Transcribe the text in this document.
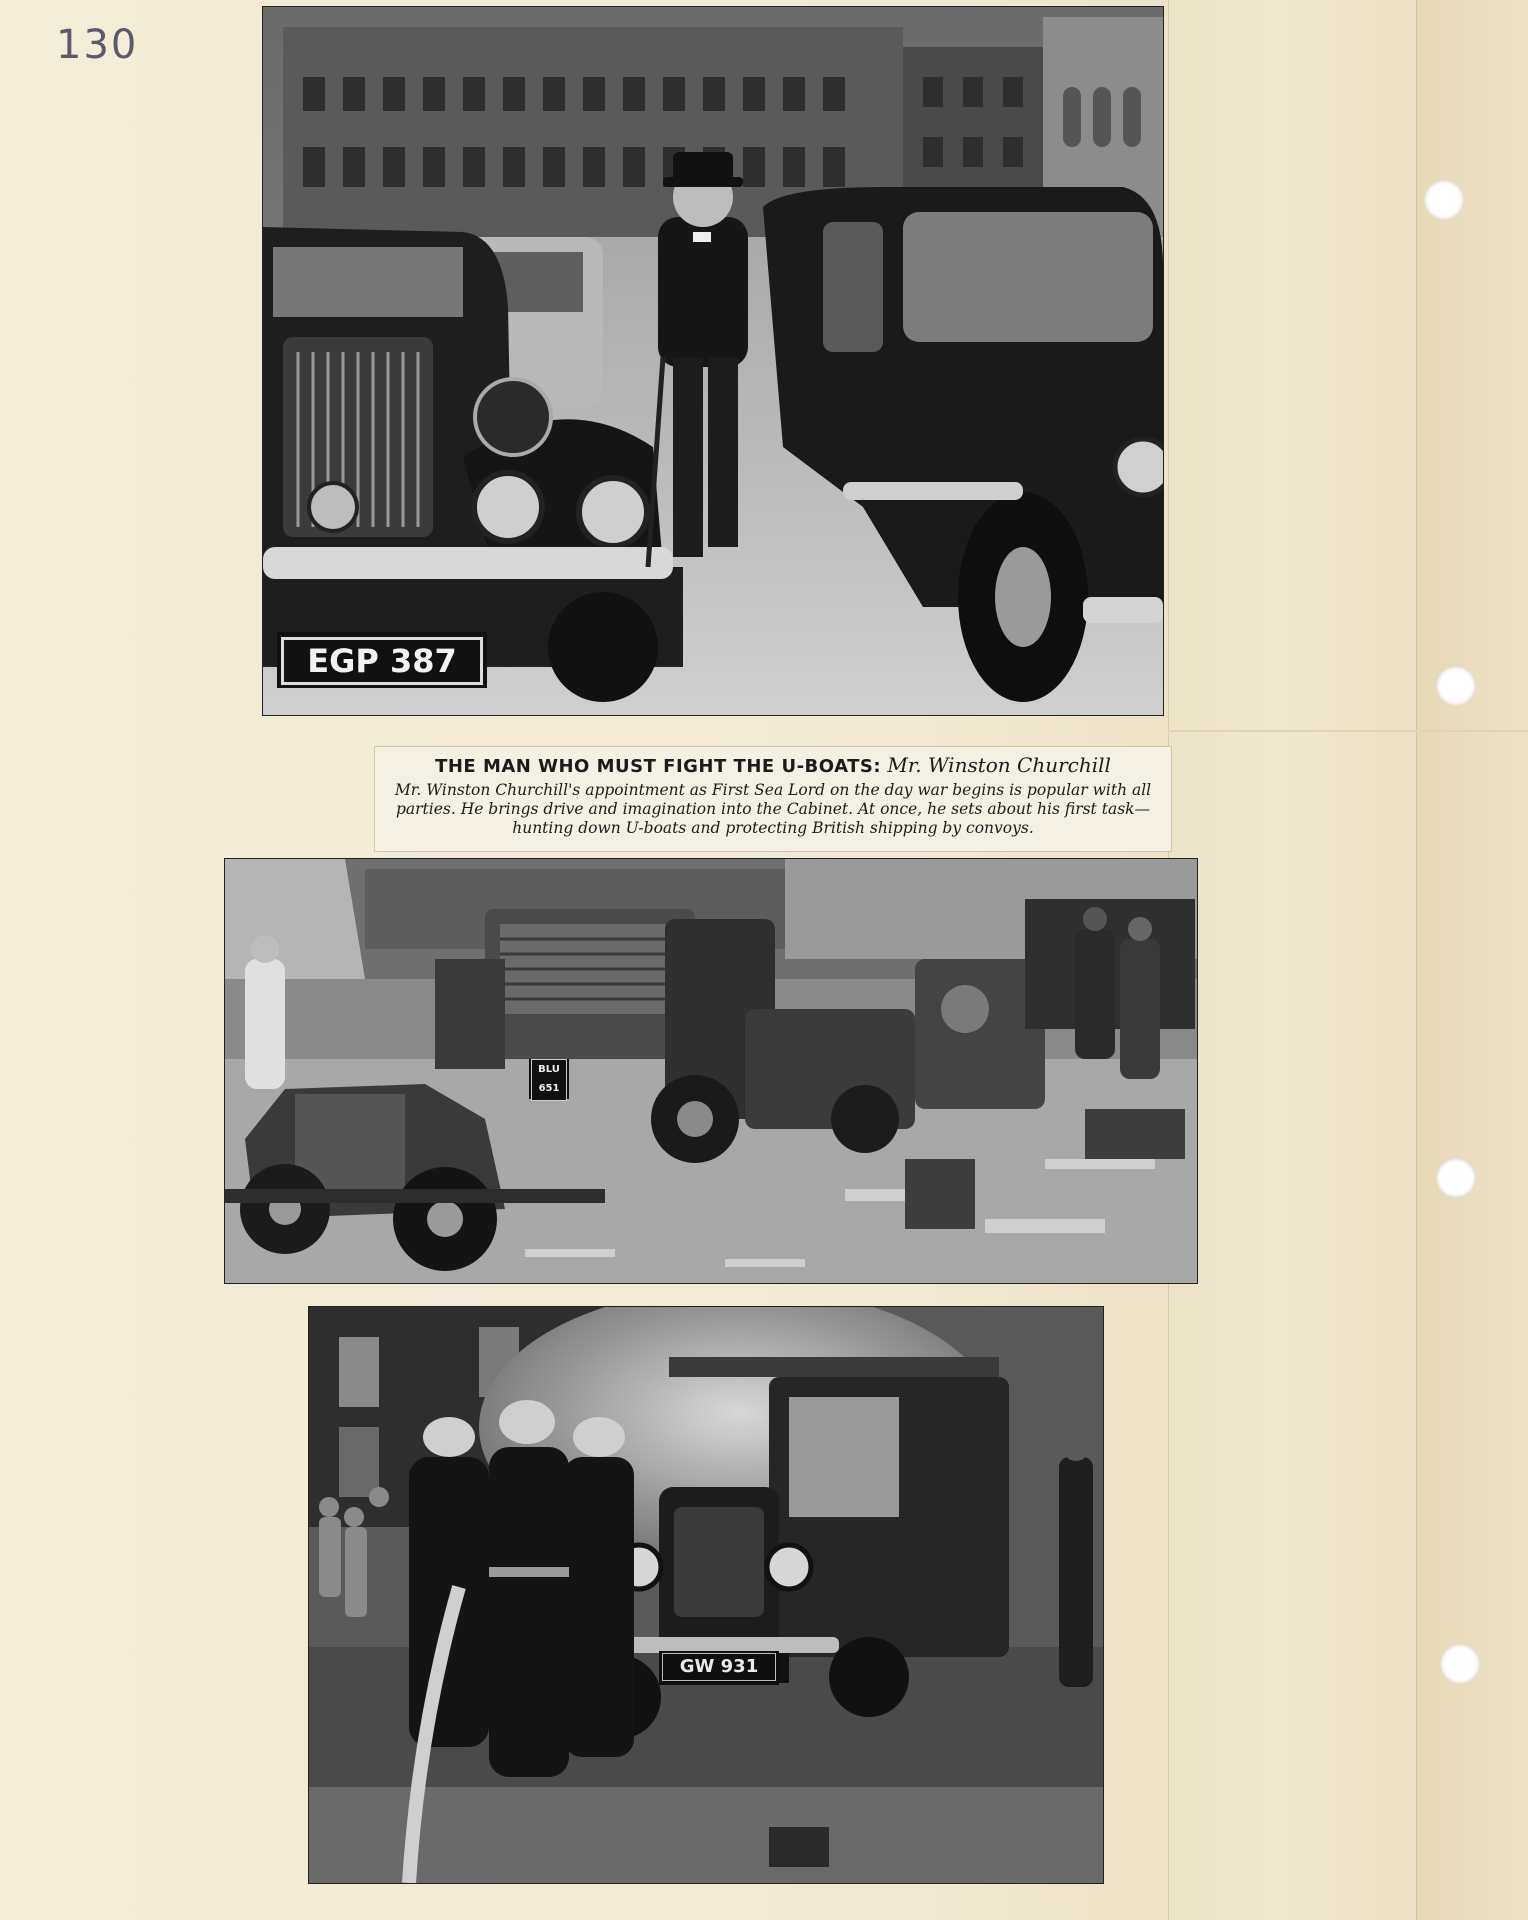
130
EGP 387
THE MAN WHO MUST FIGHT THE U-BOATS: Mr. Winston Churchill
Mr. Winston Churchill's appointment as First Sea Lord on the day war begins is popular with all parties. He brings drive and imagination into the Cabinet. At once, he sets about his first task—hunting down U-boats and protecting British shipping by convoys.
BLU
651
GW 931
